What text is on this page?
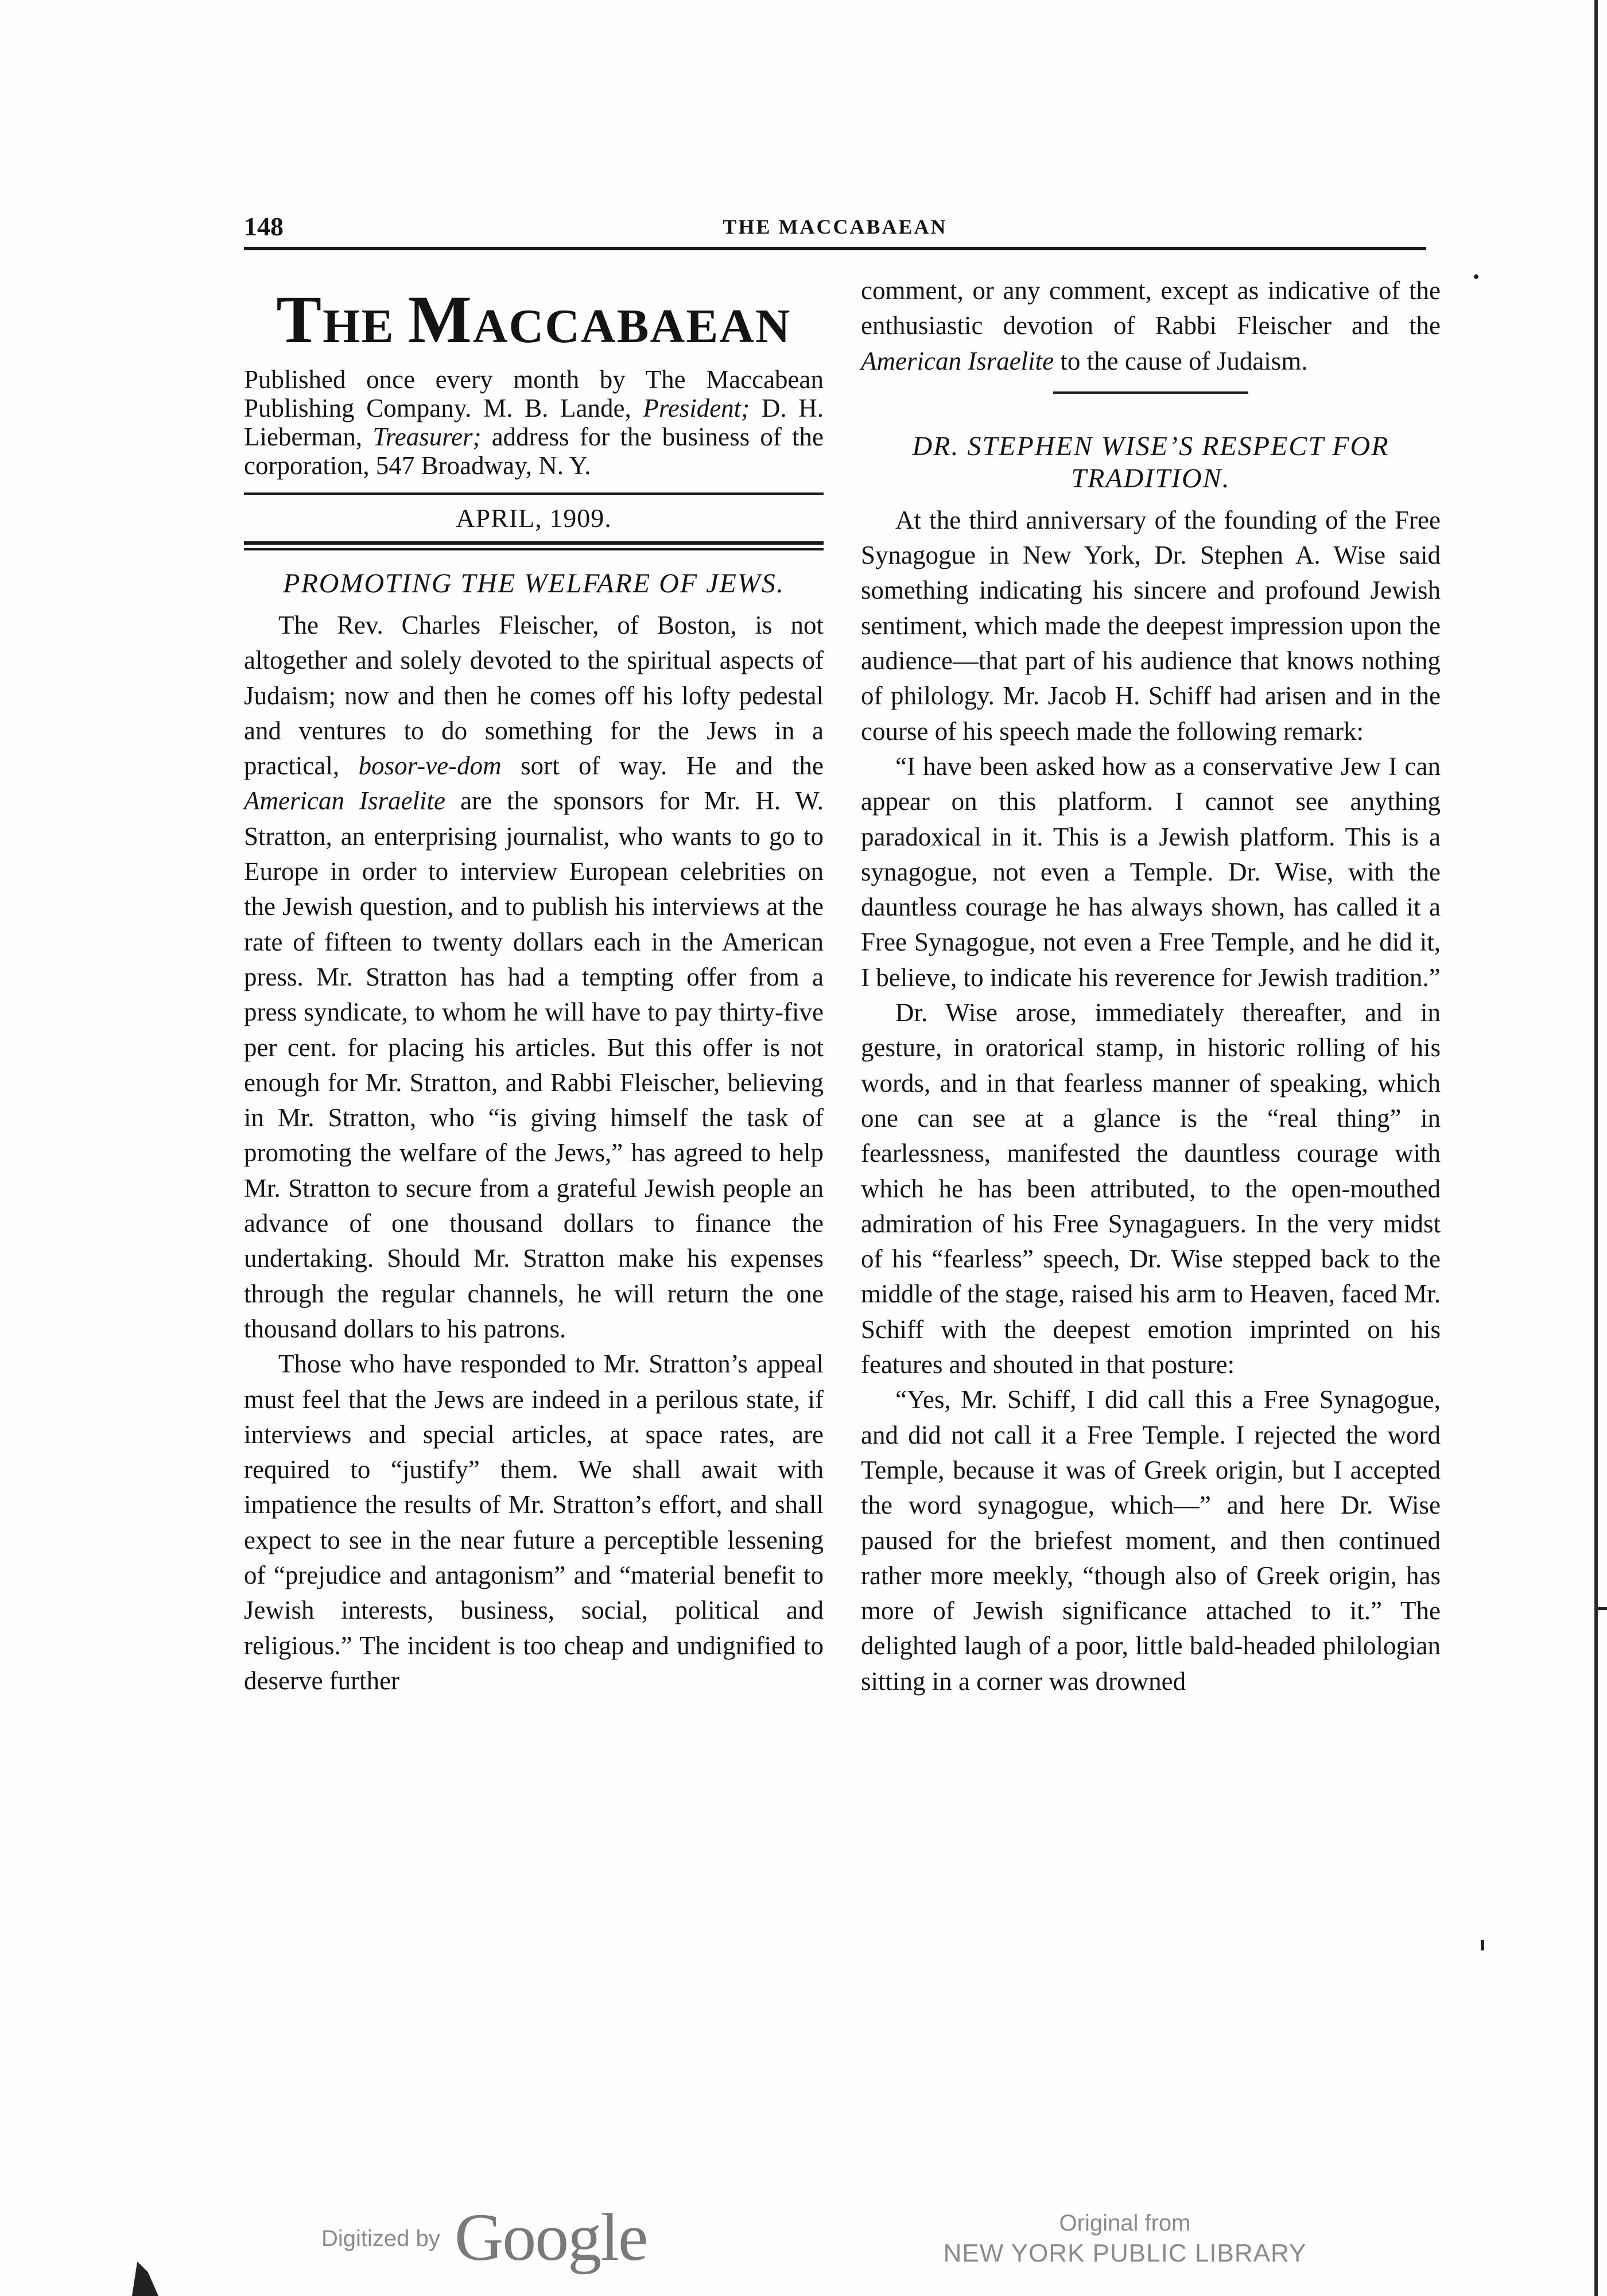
148	THE MACCABAEAN
THE MACCABAEAN

Published once every month by The Maccabean Publishing Company. M. B. Lande, President; D. H. Lieberman, Treasurer; address for the business of the corporation, 547 Broadway, N. Y.

APRIL, 1909.
PROMOTING THE WELFARE OF JEWS.

The Rev. Charles Fleischer, of Boston, is not altogether and solely devoted to the spiritual aspects of Judaism; now and then he comes off his lofty pedestal and ventures to do something for the Jews in a practical, bosor-ve-dom sort of way. He and the American Israelite are the sponsors for Mr. H. W. Stratton, an enterprising journalist, who wants to go to Europe in order to interview European celebrities on the Jewish question, and to publish his interviews at the rate of fifteen to twenty dollars each in the American press. Mr. Stratton has had a tempting offer from a press syndicate, to whom he will have to pay thirty-five per cent. for placing his articles. But this offer is not enough for Mr. Stratton, and Rabbi Fleischer, believing in Mr. Stratton, who “is giving himself the task of promoting the welfare of the Jews,” has agreed to help Mr. Stratton to secure from a grateful Jewish people an advance of one thousand dollars to finance the undertaking. Should Mr. Stratton make his expenses through the regular channels, he will return the one thousand dollars to his patrons.

Those who have responded to Mr. Stratton’s appeal must feel that the Jews are indeed in a perilous state, if interviews and special articles, at space rates, are required to “justify” them. We shall await with impatience the results of Mr. Stratton’s effort, and shall expect to see in the near future a perceptible lessening of “prejudice and antagonism” and “material benefit to Jewish interests, business, social, political and religious.” The incident is too cheap and undignified to deserve further

comment, or any comment, except as indicative of the enthusiastic devotion of Rabbi Fleischer and the American Israelite to the cause of Judaism.

DR. STEPHEN WISE’S RESPECT FOR TRADITION.

At the third anniversary of the founding of the Free Synagogue in New York, Dr. Stephen A. Wise said something indicating his sincere and profound Jewish sentiment, which made the deepest impression upon the audience—that part of his audience that knows nothing of philology. Mr. Jacob H. Schiff had arisen and in the course of his speech made the following remark:

“I have been asked how as a conservative Jew I can appear on this platform. I cannot see anything paradoxical in it. This is a Jewish platform. This is a synagogue, not even a Temple. Dr. Wise, with the dauntless courage he has always shown, has called it a Free Synagogue, not even a Free Temple, and he did it, I believe, to indicate his reverence for Jewish tradition.”

Dr. Wise arose, immediately thereafter, and in gesture, in oratorical stamp, in historic rolling of his words, and in that fearless manner of speaking, which one can see at a glance is the “real thing” in fearlessness, manifested the dauntless courage with which he has been attributed, to the open-mouthed admiration of his Free Synagaguers. In the very midst of his “fearless” speech, Dr. Wise stepped back to the middle of the stage, raised his arm to Heaven, faced Mr. Schiff with the deepest emotion imprinted on his features and shouted in that posture:

“Yes, Mr. Schiff, I did call this a Free Synagogue, and did not call it a Free Temple. I rejected the word Temple, because it was of Greek origin, but I accepted the word synagogue, which—” and here Dr. Wise paused for the briefest moment, and then continued rather more meekly, “though also of Greek origin, has more of Jewish significance attached to it.” The delighted laugh of a poor, little bald-headed philologian sitting in a corner was drowned

Digitized by Google	Original from
NEW YORK PUBLIC LIBRARY
